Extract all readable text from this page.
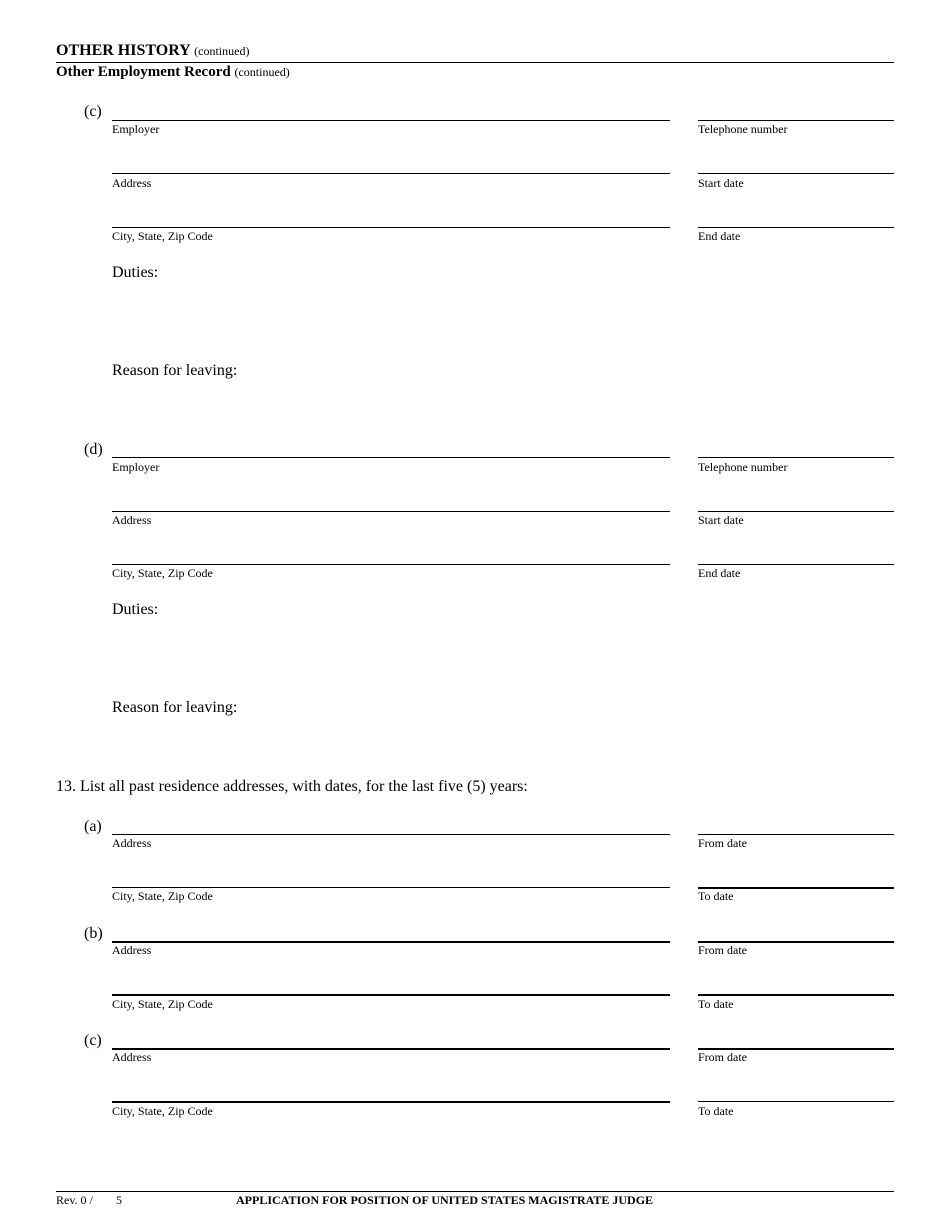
OTHER HISTORY (continued)
Other Employment Record (continued)
(c)
Employer	Telephone number
Address	Start date
City, State, Zip Code	End date
Duties:
Reason for leaving:
(d)
Employer	Telephone number
Address	Start date
City, State, Zip Code	End date
Duties:
Reason for leaving:
13. List all past residence addresses, with dates, for the last five (5) years:
(a)
Address	From date
City, State, Zip Code	To date
(b)
Address	From date
City, State, Zip Code	To date
(c)
Address	From date
City, State, Zip Code	To date
Rev. 0 / 5	APPLICATION FOR POSITION OF UNITED STATES MAGISTRATE JUDGE
